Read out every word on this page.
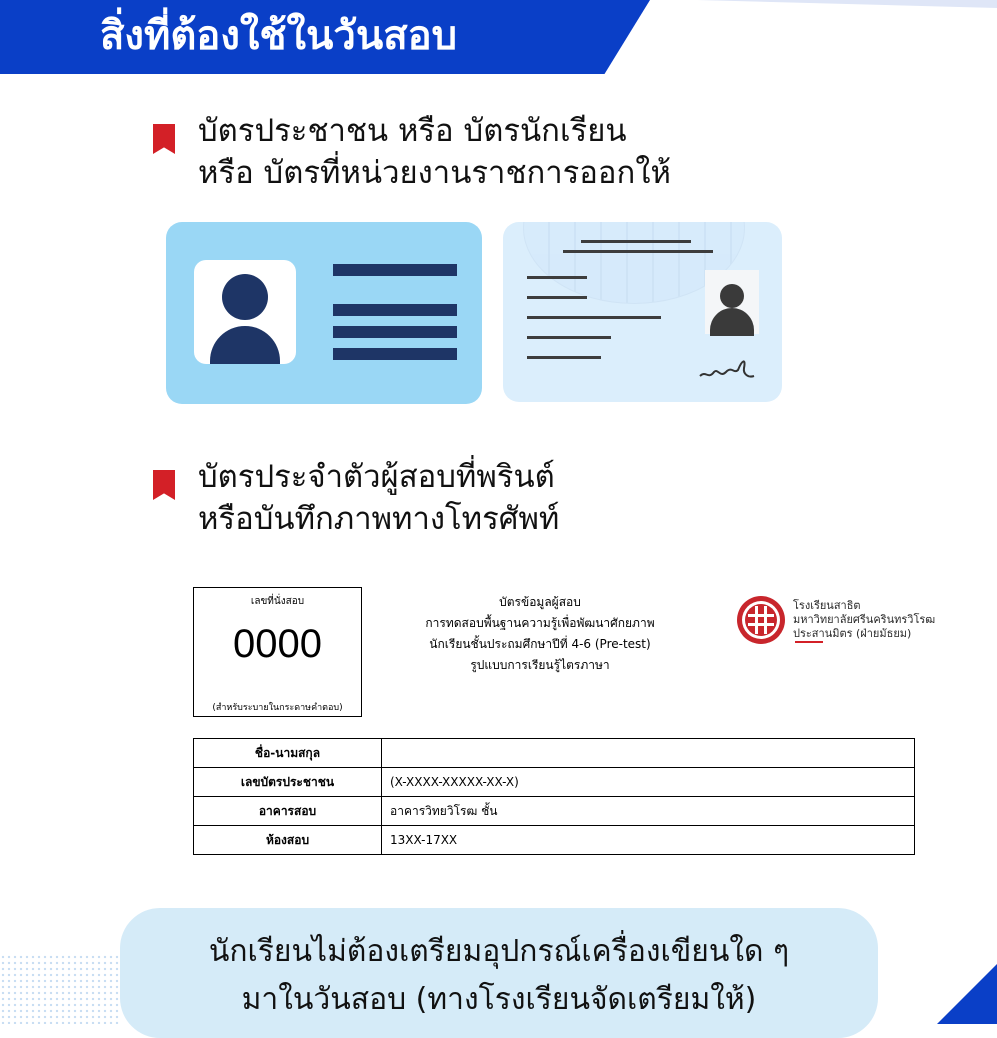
สิ่งที่ต้องใช้ในวันสอบ
บัตรประชาชน หรือ บัตรนักเรียน
หรือ บัตรที่หน่วยงานราชการออกให้
บัตรประจำตัวผู้สอบที่พรินต์
หรือบันทึกภาพทางโทรศัพท์
เลขที่นั่งสอบ
0000
(สำหรับระบายในกระดาษคำตอบ)
บัตรข้อมูลผู้สอบ
การทดสอบพื้นฐานความรู้เพื่อพัฒนาศักยภาพ
นักเรียนชั้นประถมศึกษาปีที่ 4-6 (Pre-test)
รูปแบบการเรียนรู้ไตรภาษา
โรงเรียนสาธิต
มหาวิทยาลัยศรีนครินทรวิโรฒ
ประสานมิตร (ฝ่ายมัธยม)
ชื่อ-นามสกุล	
เลขบัตรประชาชน	(X-XXXX-XXXXX-XX-X)
อาคารสอบ	อาคารวิทยวิโรฒ ชั้น
ห้องสอบ	13XX-17XX
นักเรียนไม่ต้องเตรียมอุปกรณ์เครื่องเขียนใด ๆ
มาในวันสอบ (ทางโรงเรียนจัดเตรียมให้)
